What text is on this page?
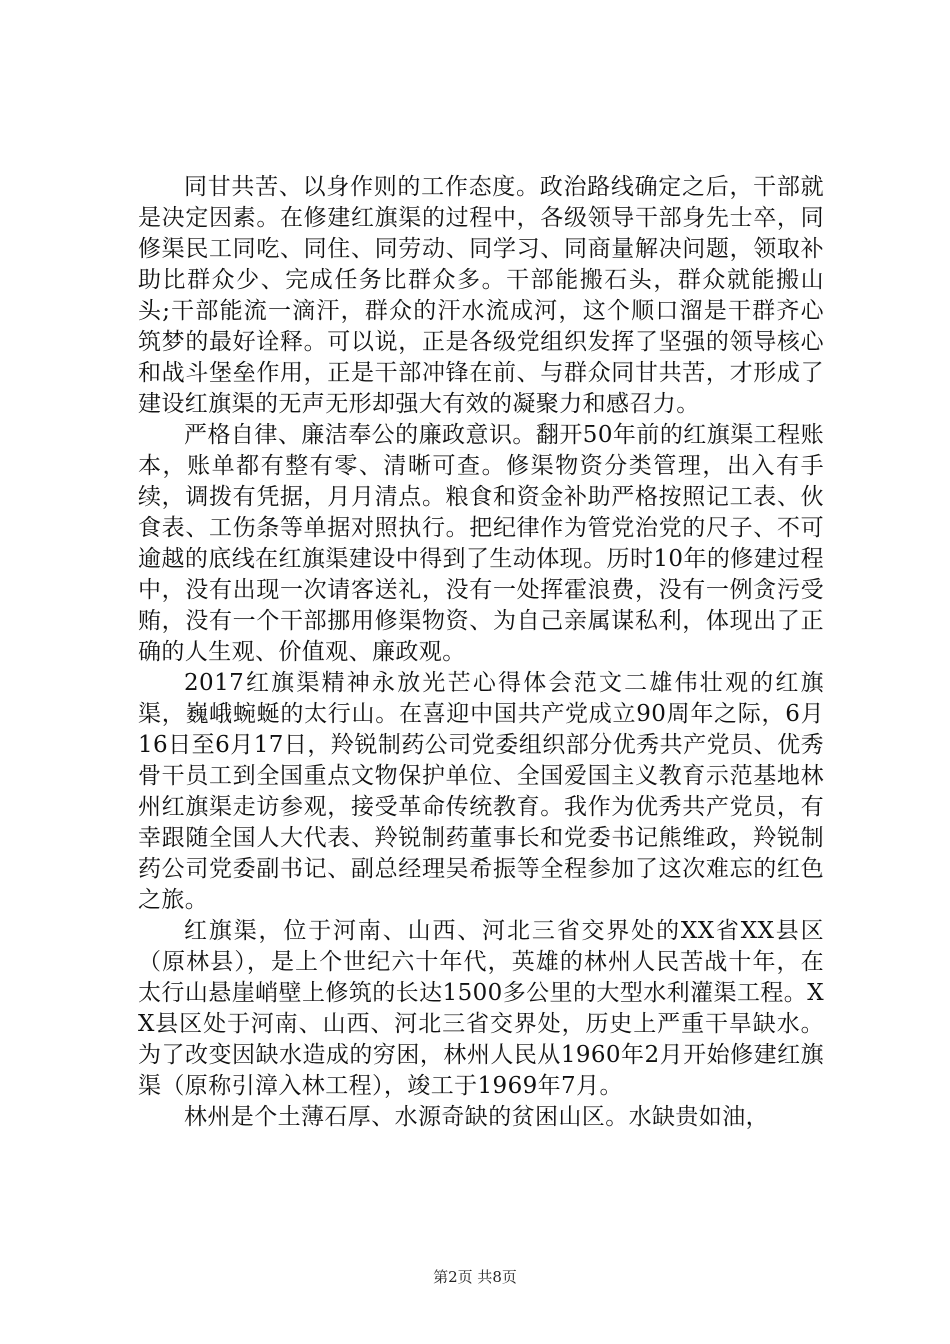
同甘共苦、以身作则的工作态度。政治路线确定之后，干部就是决定因素。在修建红旗渠的过程中，各级领导干部身先士卒，同修渠民工同吃、同住、同劳动、同学习、同商量解决问题，领取补助比群众少、完成任务比群众多。干部能搬石头，群众就能搬山头;干部能流一滴汗，群众的汗水流成河，这个顺口溜是干群齐心筑梦的最好诠释。可以说，正是各级党组织发挥了坚强的领导核心和战斗堡垒作用，正是干部冲锋在前、与群众同甘共苦，才形成了建设红旗渠的无声无形却强大有效的凝聚力和感召力。

严格自律、廉洁奉公的廉政意识。翻开50年前的红旗渠工程账本，账单都有整有零、清晰可查。修渠物资分类管理，出入有手续，调拨有凭据，月月清点。粮食和资金补助严格按照记工表、伙食表、工伤条等单据对照执行。把纪律作为管党治党的尺子、不可逾越的底线在红旗渠建设中得到了生动体现。历时10年的修建过程中，没有出现一次请客送礼，没有一处挥霍浪费，没有一例贪污受贿，没有一个干部挪用修渠物资、为自己亲属谋私利，体现出了正确的人生观、价值观、廉政观。

2017红旗渠精神永放光芒心得体会范文二雄伟壮观的红旗渠，巍峨蜿蜒的太行山。在喜迎中国共产党成立90周年之际，6月16日至6月17日，羚锐制药公司党委组织部分优秀共产党员、优秀骨干员工到全国重点文物保护单位、全国爱国主义教育示范基地林州红旗渠走访参观，接受革命传统教育。我作为优秀共产党员，有幸跟随全国人大代表、羚锐制药董事长和党委书记熊维政，羚锐制药公司党委副书记、副总经理吴希振等全程参加了这次难忘的红色之旅。

红旗渠，位于河南、山西、河北三省交界处的XX省XX县区（原林县），是上个世纪六十年代，英雄的林州人民苦战十年，在太行山悬崖峭壁上修筑的长达1500多公里的大型水利灌渠工程。XX县区处于河南、山西、河北三省交界处，历史上严重干旱缺水。为了改变因缺水造成的穷困，林州人民从1960年2月开始修建红旗渠（原称引漳入林工程），竣工于1969年7月。

林州是个土薄石厚、水源奇缺的贫困山区。水缺贵如油，

第2页 共8页
